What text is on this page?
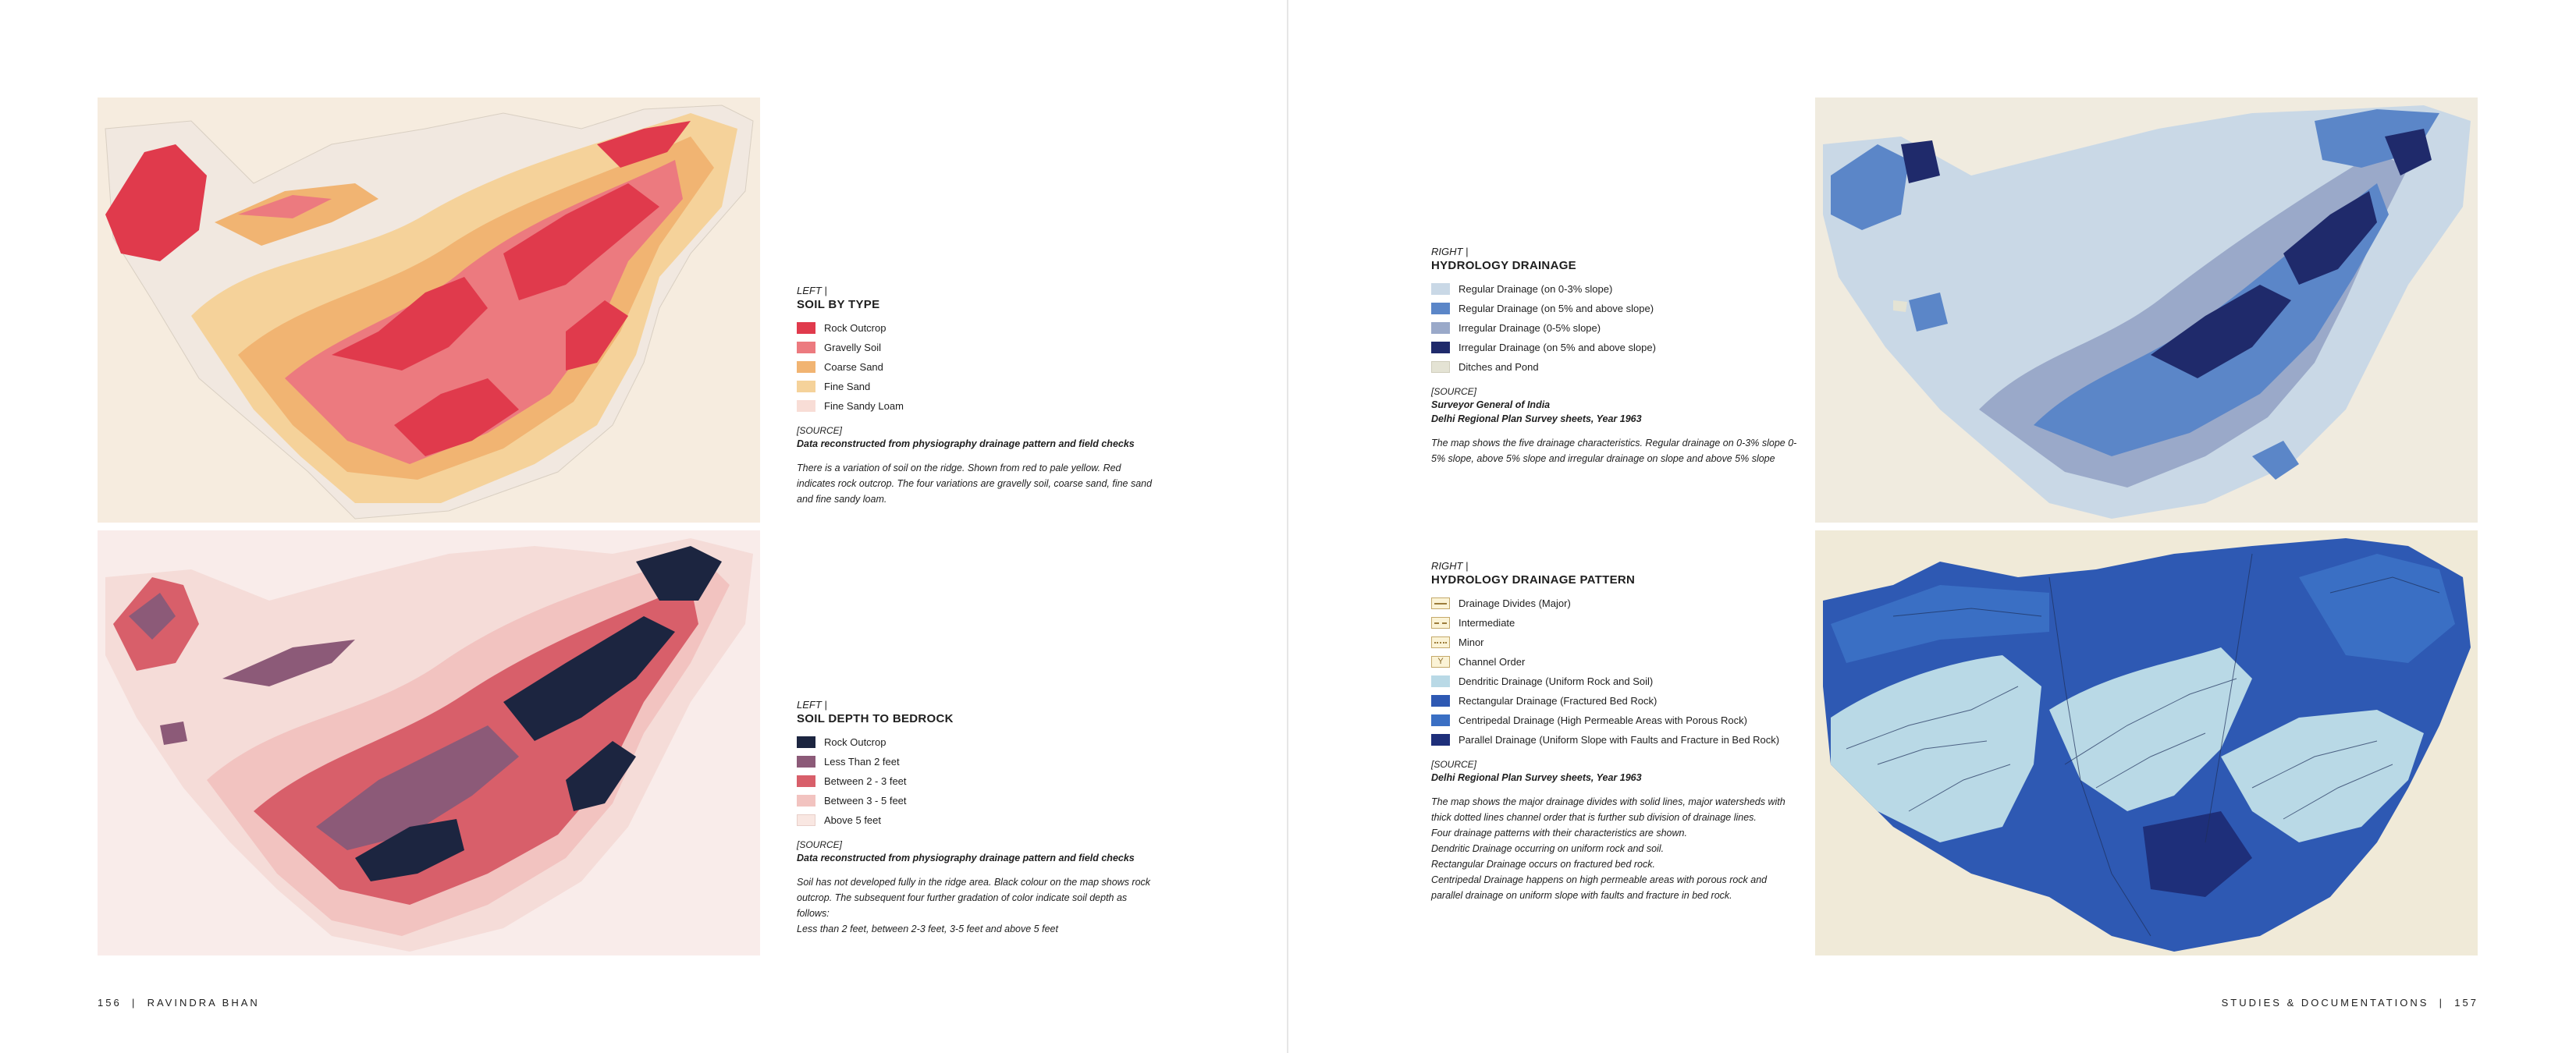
LEFT |

SOIL BY TYPE

Rock Outcrop
Gravelly Soil
Coarse Sand
Fine Sand
Fine Sandy Loam

[SOURCE]

Data reconstructed from physiography drainage pattern and field checks

There is a variation of soil on the ridge. Shown from red to pale yellow. Red indicates rock outcrop. The four variations are gravelly soil, coarse sand, fine sand and fine sandy loam.

LEFT |

SOIL DEPTH TO BEDROCK

Rock Outcrop
Less Than 2 feet
Between 2 - 3 feet
Between 3 - 5 feet
Above 5 feet

[SOURCE]

Data reconstructed from physiography drainage pattern and field checks

Soil has not developed fully in the ridge area. Black colour on the map shows rock outcrop. The subsequent four further gradation of color indicate soil depth as follows:
Less than 2 feet, between 2-3 feet, 3-5 feet and above 5 feet

RIGHT |

HYDROLOGY DRAINAGE

Regular Drainage (on 0-3% slope)
Regular Drainage (on 5% and above slope)
Irregular Drainage (0-5% slope)
Irregular Drainage (on 5% and above slope)
Ditches and Pond

[SOURCE]

Surveyor General of India

Delhi Regional Plan Survey sheets, Year 1963

The map shows the five drainage characteristics. Regular drainage on 0-3% slope 0-5% slope, above 5% slope and irregular drainage on slope and above 5% slope

RIGHT |

HYDROLOGY DRAINAGE PATTERN

Drainage Divides (Major)
Intermediate
Minor
Y	Channel Order
Dendritic Drainage (Uniform Rock and Soil)
Rectangular Drainage (Fractured Bed Rock)
Centripedal Drainage (High Permeable Areas with Porous Rock)
Parallel Drainage (Uniform Slope with Faults and Fracture in Bed Rock)

[SOURCE]

Delhi Regional Plan Survey sheets, Year 1963

The map shows the major drainage divides with solid lines, major watersheds with thick dotted lines channel order that is further sub division of drainage lines.
Four drainage patterns with their characteristics are shown.
Dendritic Drainage occurring on uniform rock and soil.
Rectangular Drainage occurs on fractured bed rock.
Centripedal Drainage happens on high permeable areas with porous rock and parallel drainage on uniform slope with faults and fracture in bed rock.

156  |  RAVINDRA BHAN	STUDIES & DOCUMENTATIONS  |  157
